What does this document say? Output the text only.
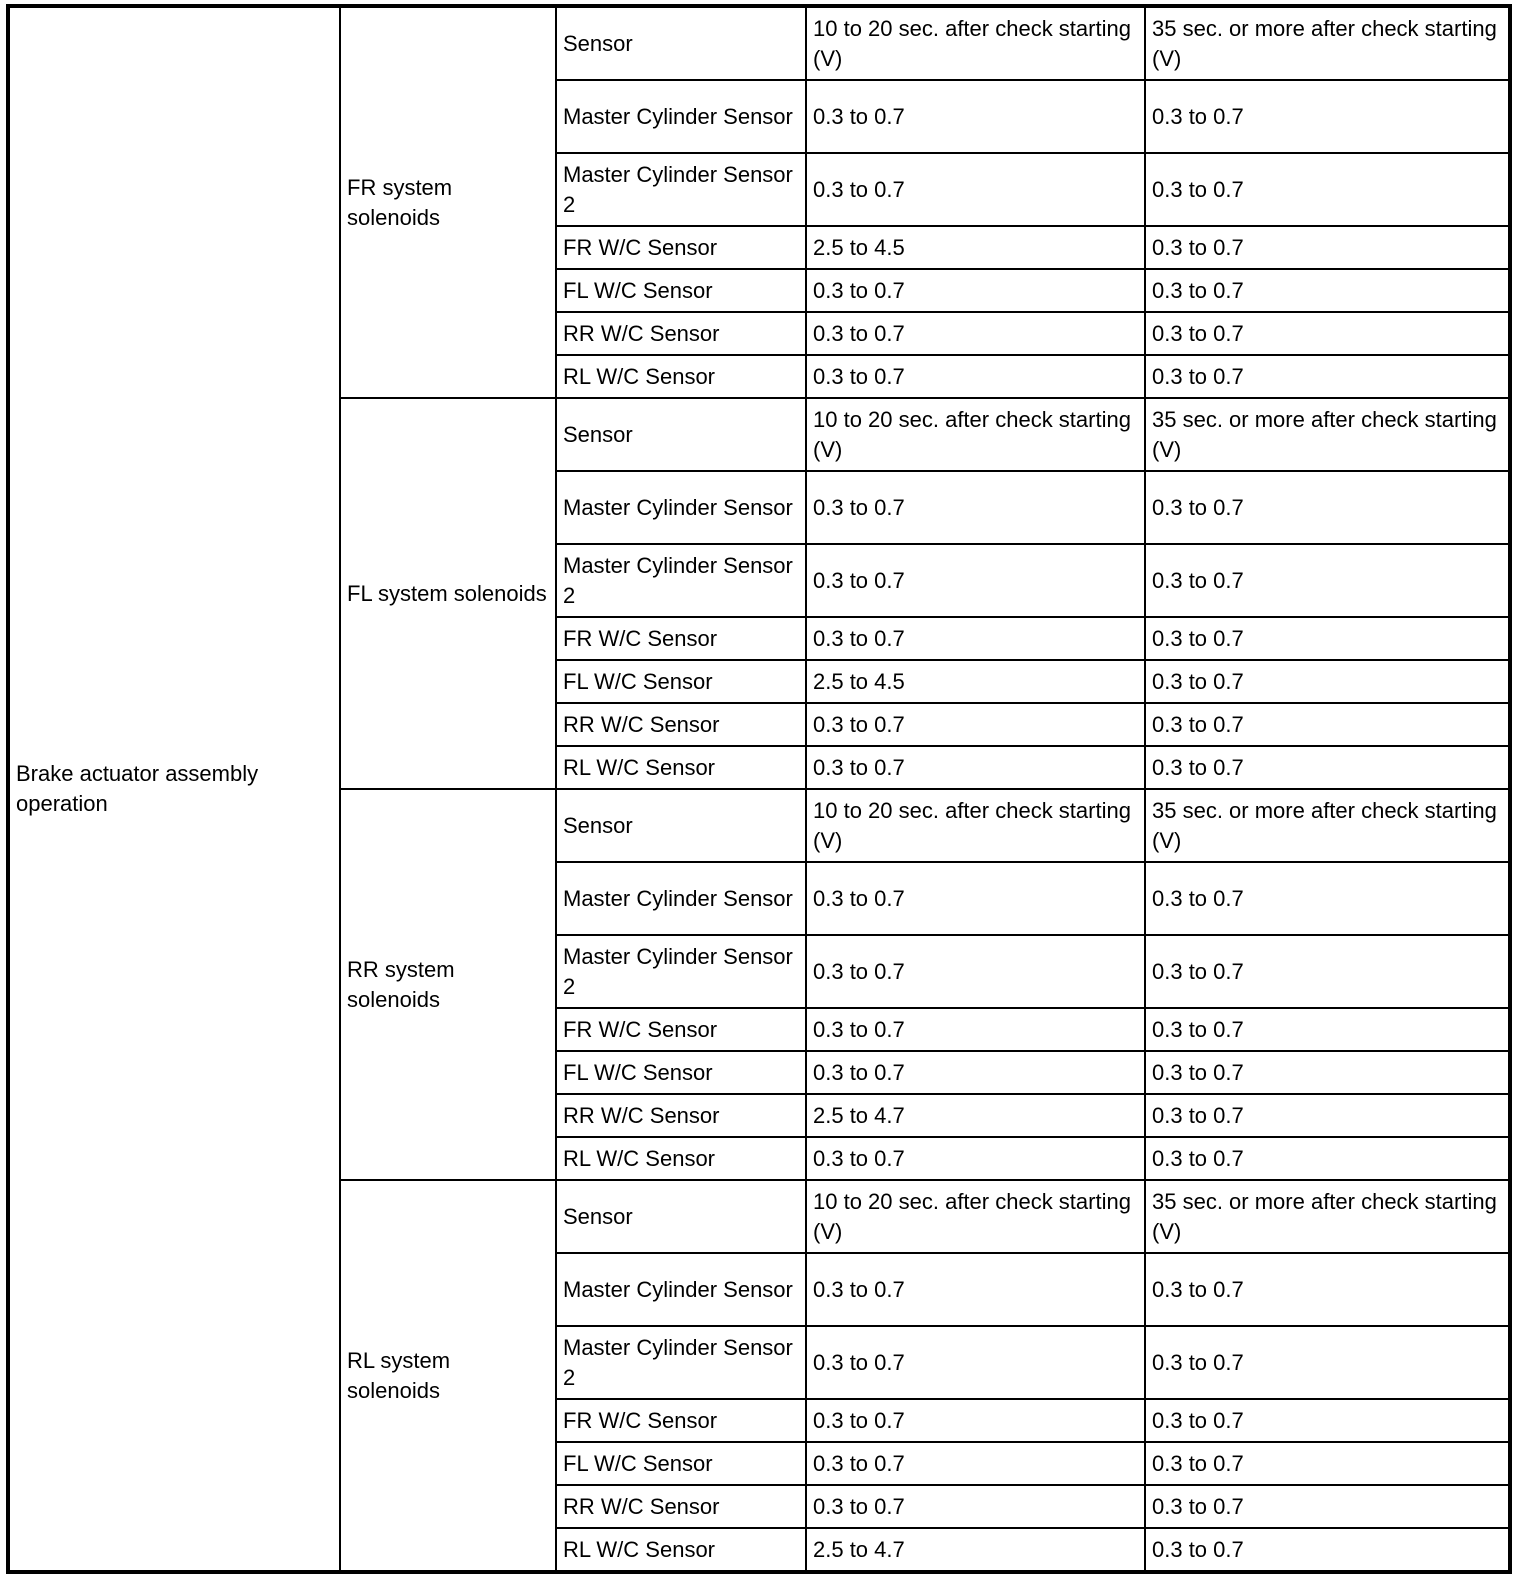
Brake actuator assembly operation	FR system solenoids	Sensor	10 to 20 sec. after check starting (V)	35 sec. or more after check starting (V)
		Master Cylinder Sensor	0.3 to 0.7	0.3 to 0.7
		Master Cylinder Sensor 2	0.3 to 0.7	0.3 to 0.7
		FR W/C Sensor	2.5 to 4.5	0.3 to 0.7
		FL W/C Sensor	0.3 to 0.7	0.3 to 0.7
		RR W/C Sensor	0.3 to 0.7	0.3 to 0.7
		RL W/C Sensor	0.3 to 0.7	0.3 to 0.7
	FL system solenoids	Sensor	10 to 20 sec. after check starting (V)	35 sec. or more after check starting (V)
		Master Cylinder Sensor	0.3 to 0.7	0.3 to 0.7
		Master Cylinder Sensor 2	0.3 to 0.7	0.3 to 0.7
		FR W/C Sensor	0.3 to 0.7	0.3 to 0.7
		FL W/C Sensor	2.5 to 4.5	0.3 to 0.7
		RR W/C Sensor	0.3 to 0.7	0.3 to 0.7
		RL W/C Sensor	0.3 to 0.7	0.3 to 0.7
	RR system solenoids	Sensor	10 to 20 sec. after check starting (V)	35 sec. or more after check starting (V)
		Master Cylinder Sensor	0.3 to 0.7	0.3 to 0.7
		Master Cylinder Sensor 2	0.3 to 0.7	0.3 to 0.7
		FR W/C Sensor	0.3 to 0.7	0.3 to 0.7
		FL W/C Sensor	0.3 to 0.7	0.3 to 0.7
		RR W/C Sensor	2.5 to 4.7	0.3 to 0.7
		RL W/C Sensor	0.3 to 0.7	0.3 to 0.7
	RL system solenoids	Sensor	10 to 20 sec. after check starting (V)	35 sec. or more after check starting (V)
		Master Cylinder Sensor	0.3 to 0.7	0.3 to 0.7
		Master Cylinder Sensor 2	0.3 to 0.7	0.3 to 0.7
		FR W/C Sensor	0.3 to 0.7	0.3 to 0.7
		FL W/C Sensor	0.3 to 0.7	0.3 to 0.7
		RR W/C Sensor	0.3 to 0.7	0.3 to 0.7
		RL W/C Sensor	2.5 to 4.7	0.3 to 0.7
